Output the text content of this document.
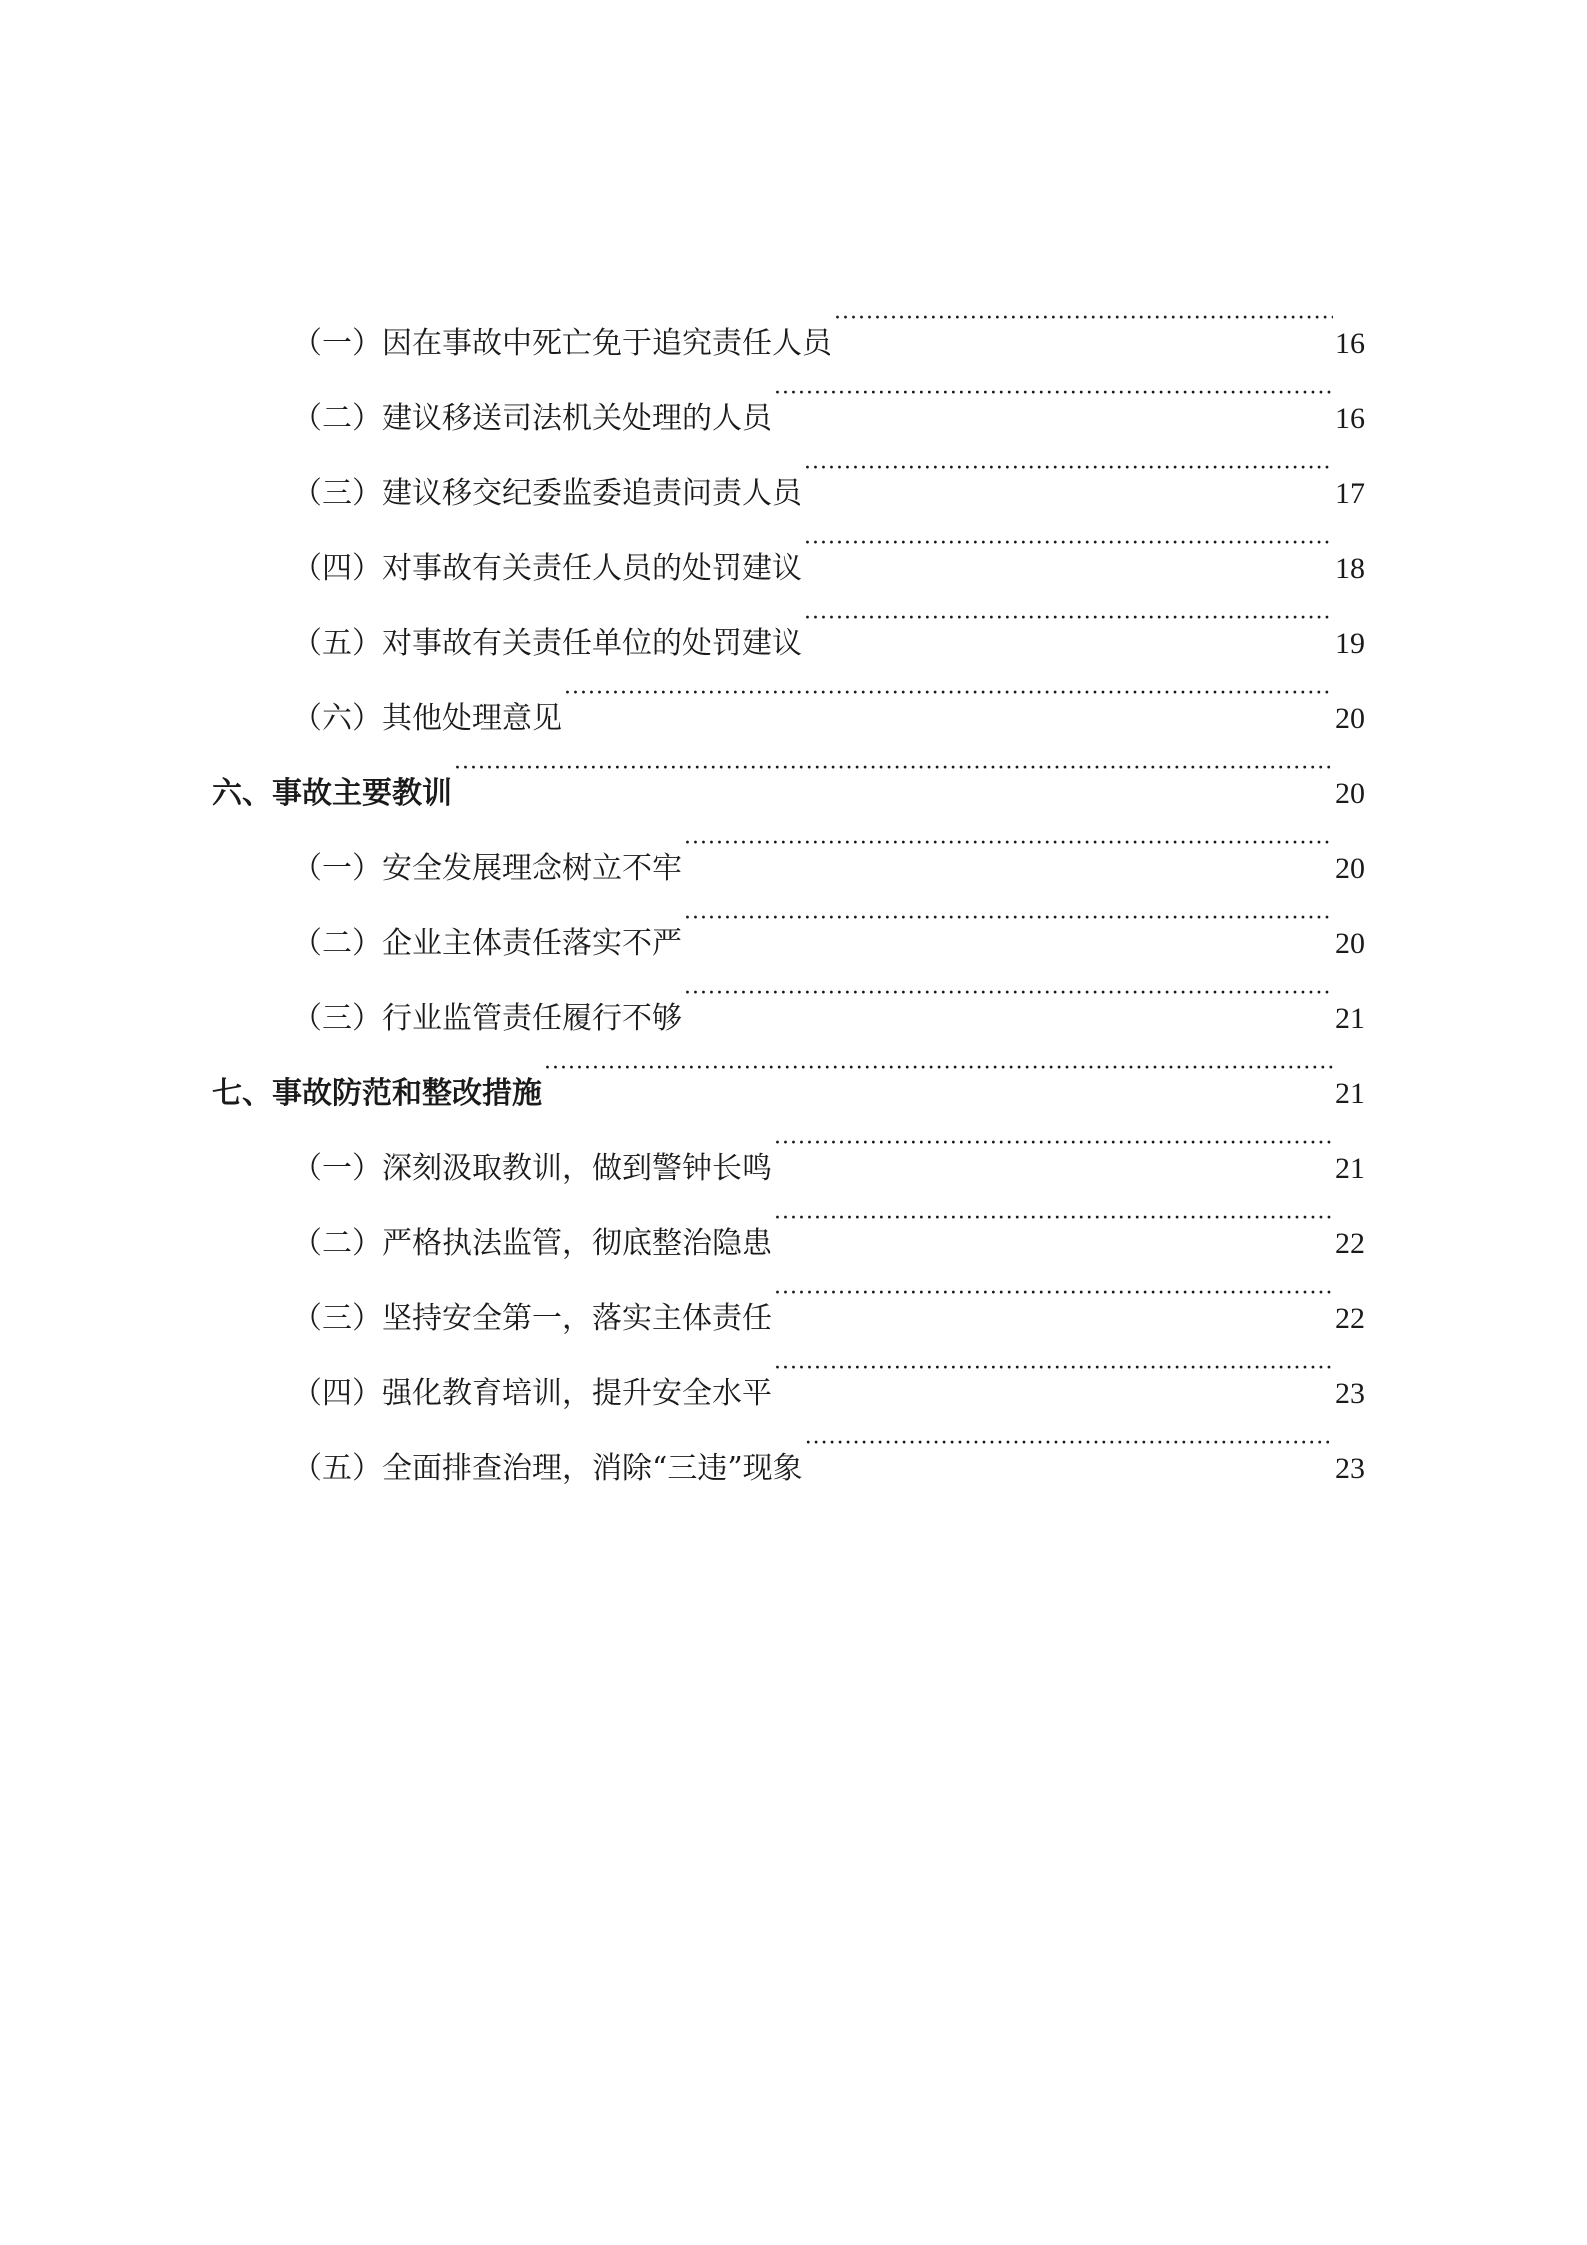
（一）因在事故中死亡免于追究责任人员 ·····	16
（二）建议移送司法机关处理的人员 ·····	16
（三）建议移交纪委监委追责问责人员 ·····	17
（四）对事故有关责任人员的处罚建议 ·····	18
（五）对事故有关责任单位的处罚建议 ·····	19
（六）其他处理意见 ·····	20
六、事故主要教训 ·····	20
（一）安全发展理念树立不牢 ·····	20
（二）企业主体责任落实不严 ·····	20
（三）行业监管责任履行不够 ·····	21
七、事故防范和整改措施 ·····	21
（一）深刻汲取教训，做到警钟长鸣 ·····	21
（二）严格执法监管，彻底整治隐患 ·····	22
（三）坚持安全第一，落实主体责任 ·····	22
（四）强化教育培训，提升安全水平 ·····	23
（五）全面排查治理，消除“三违”现象 ·····	23
